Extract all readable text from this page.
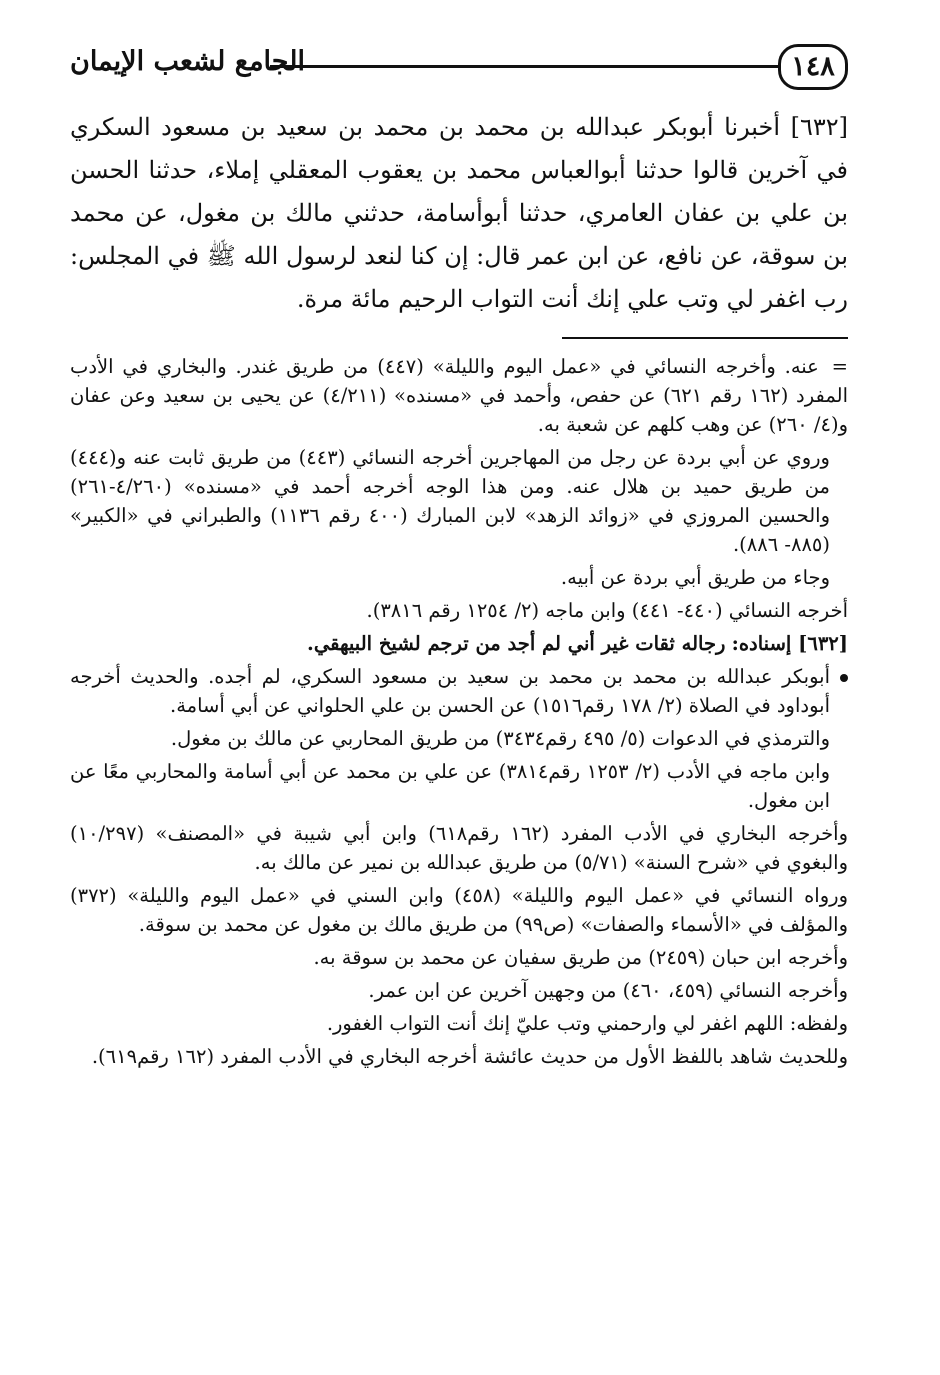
١٤٨
الجامع لشعب الإيمان

[٦٣٢] أخبرنا أبوبكر عبدالله بن محمد بن محمد بن سعيد بن مسعود السكري في آخرين قالوا حدثنا أبوالعباس محمد بن يعقوب المعقلي إملاء، حدثنا الحسن بن علي بن عفان العامري، حدثنا أبوأسامة، حدثني مالك بن مغول، عن محمد بن سوقة، عن نافع، عن ابن عمر قال: إن كنا لنعد لرسول الله ﷺ في المجلس: رب اغفر لي وتب علي إنك أنت التواب الرحيم مائة مرة.

= عنه. وأخرجه النسائي في «عمل اليوم والليلة» (٤٤٧) من طريق غندر. والبخاري في الأدب المفرد (١٦٢ رقم ٦٢١) عن حفص، وأحمد في «مسنده» (٤/٢١١) عن يحيى بن سعيد وعن عفان و(٤/ ٢٦٠) عن وهب كلهم عن شعبة به.

وروي عن أبي بردة عن رجل من المهاجرين أخرجه النسائي (٤٤٣) من طريق ثابت عنه و(٤٤٤) من طريق حميد بن هلال عنه. ومن هذا الوجه أخرجه أحمد في «مسنده» (٤/٢٦٠-٢٦١) والحسين المروزي في «زوائد الزهد» لابن المبارك (٤٠٠ رقم ١١٣٦) والطبراني في «الكبير» (٨٨٥- ٨٨٦).

وجاء من طريق أبي بردة عن أبيه.

أخرجه النسائي (٤٤٠- ٤٤١) وابن ماجه (٢/ ١٢٥٤ رقم ٣٨١٦).

[٦٣٢] إسناده: رجاله ثقات غير أني لم أجد من ترجم لشيخ البيهقي.

أبوبكر عبدالله بن محمد بن محمد بن سعيد بن مسعود السكري، لم أجده. والحديث أخرجه أبوداود في الصلاة (٢/ ١٧٨ رقم١٥١٦) عن الحسن بن علي الحلواني عن أبي أسامة.

والترمذي في الدعوات (٥/ ٤٩٥ رقم٣٤٣٤) من طريق المحاربي عن مالك بن مغول.

وابن ماجه في الأدب (٢/ ١٢٥٣ رقم٣٨١٤) عن علي بن محمد عن أبي أسامة والمحاربي معًا عن ابن مغول.

وأخرجه البخاري في الأدب المفرد (١٦٢ رقم٦١٨) وابن أبي شيبة في «المصنف» (١٠/٢٩٧) والبغوي في «شرح السنة» (٥/٧١) من طريق عبدالله بن نمير عن مالك به.

ورواه النسائي في «عمل اليوم والليلة» (٤٥٨) وابن السني في «عمل اليوم والليلة» (٣٧٢) والمؤلف في «الأسماء والصفات» (ص٩٩) من طريق مالك بن مغول عن محمد بن سوقة.

وأخرجه ابن حبان (٢٤٥٩) من طريق سفيان عن محمد بن سوقة به.

وأخرجه النسائي (٤٥٩، ٤٦٠) من وجهين آخرين عن ابن عمر.

ولفظه: اللهم اغفر لي وارحمني وتب عليّ إنك أنت التواب الغفور.

وللحديث شاهد باللفظ الأول من حديث عائشة أخرجه البخاري في الأدب المفرد (١٦٢ رقم٦١٩).
